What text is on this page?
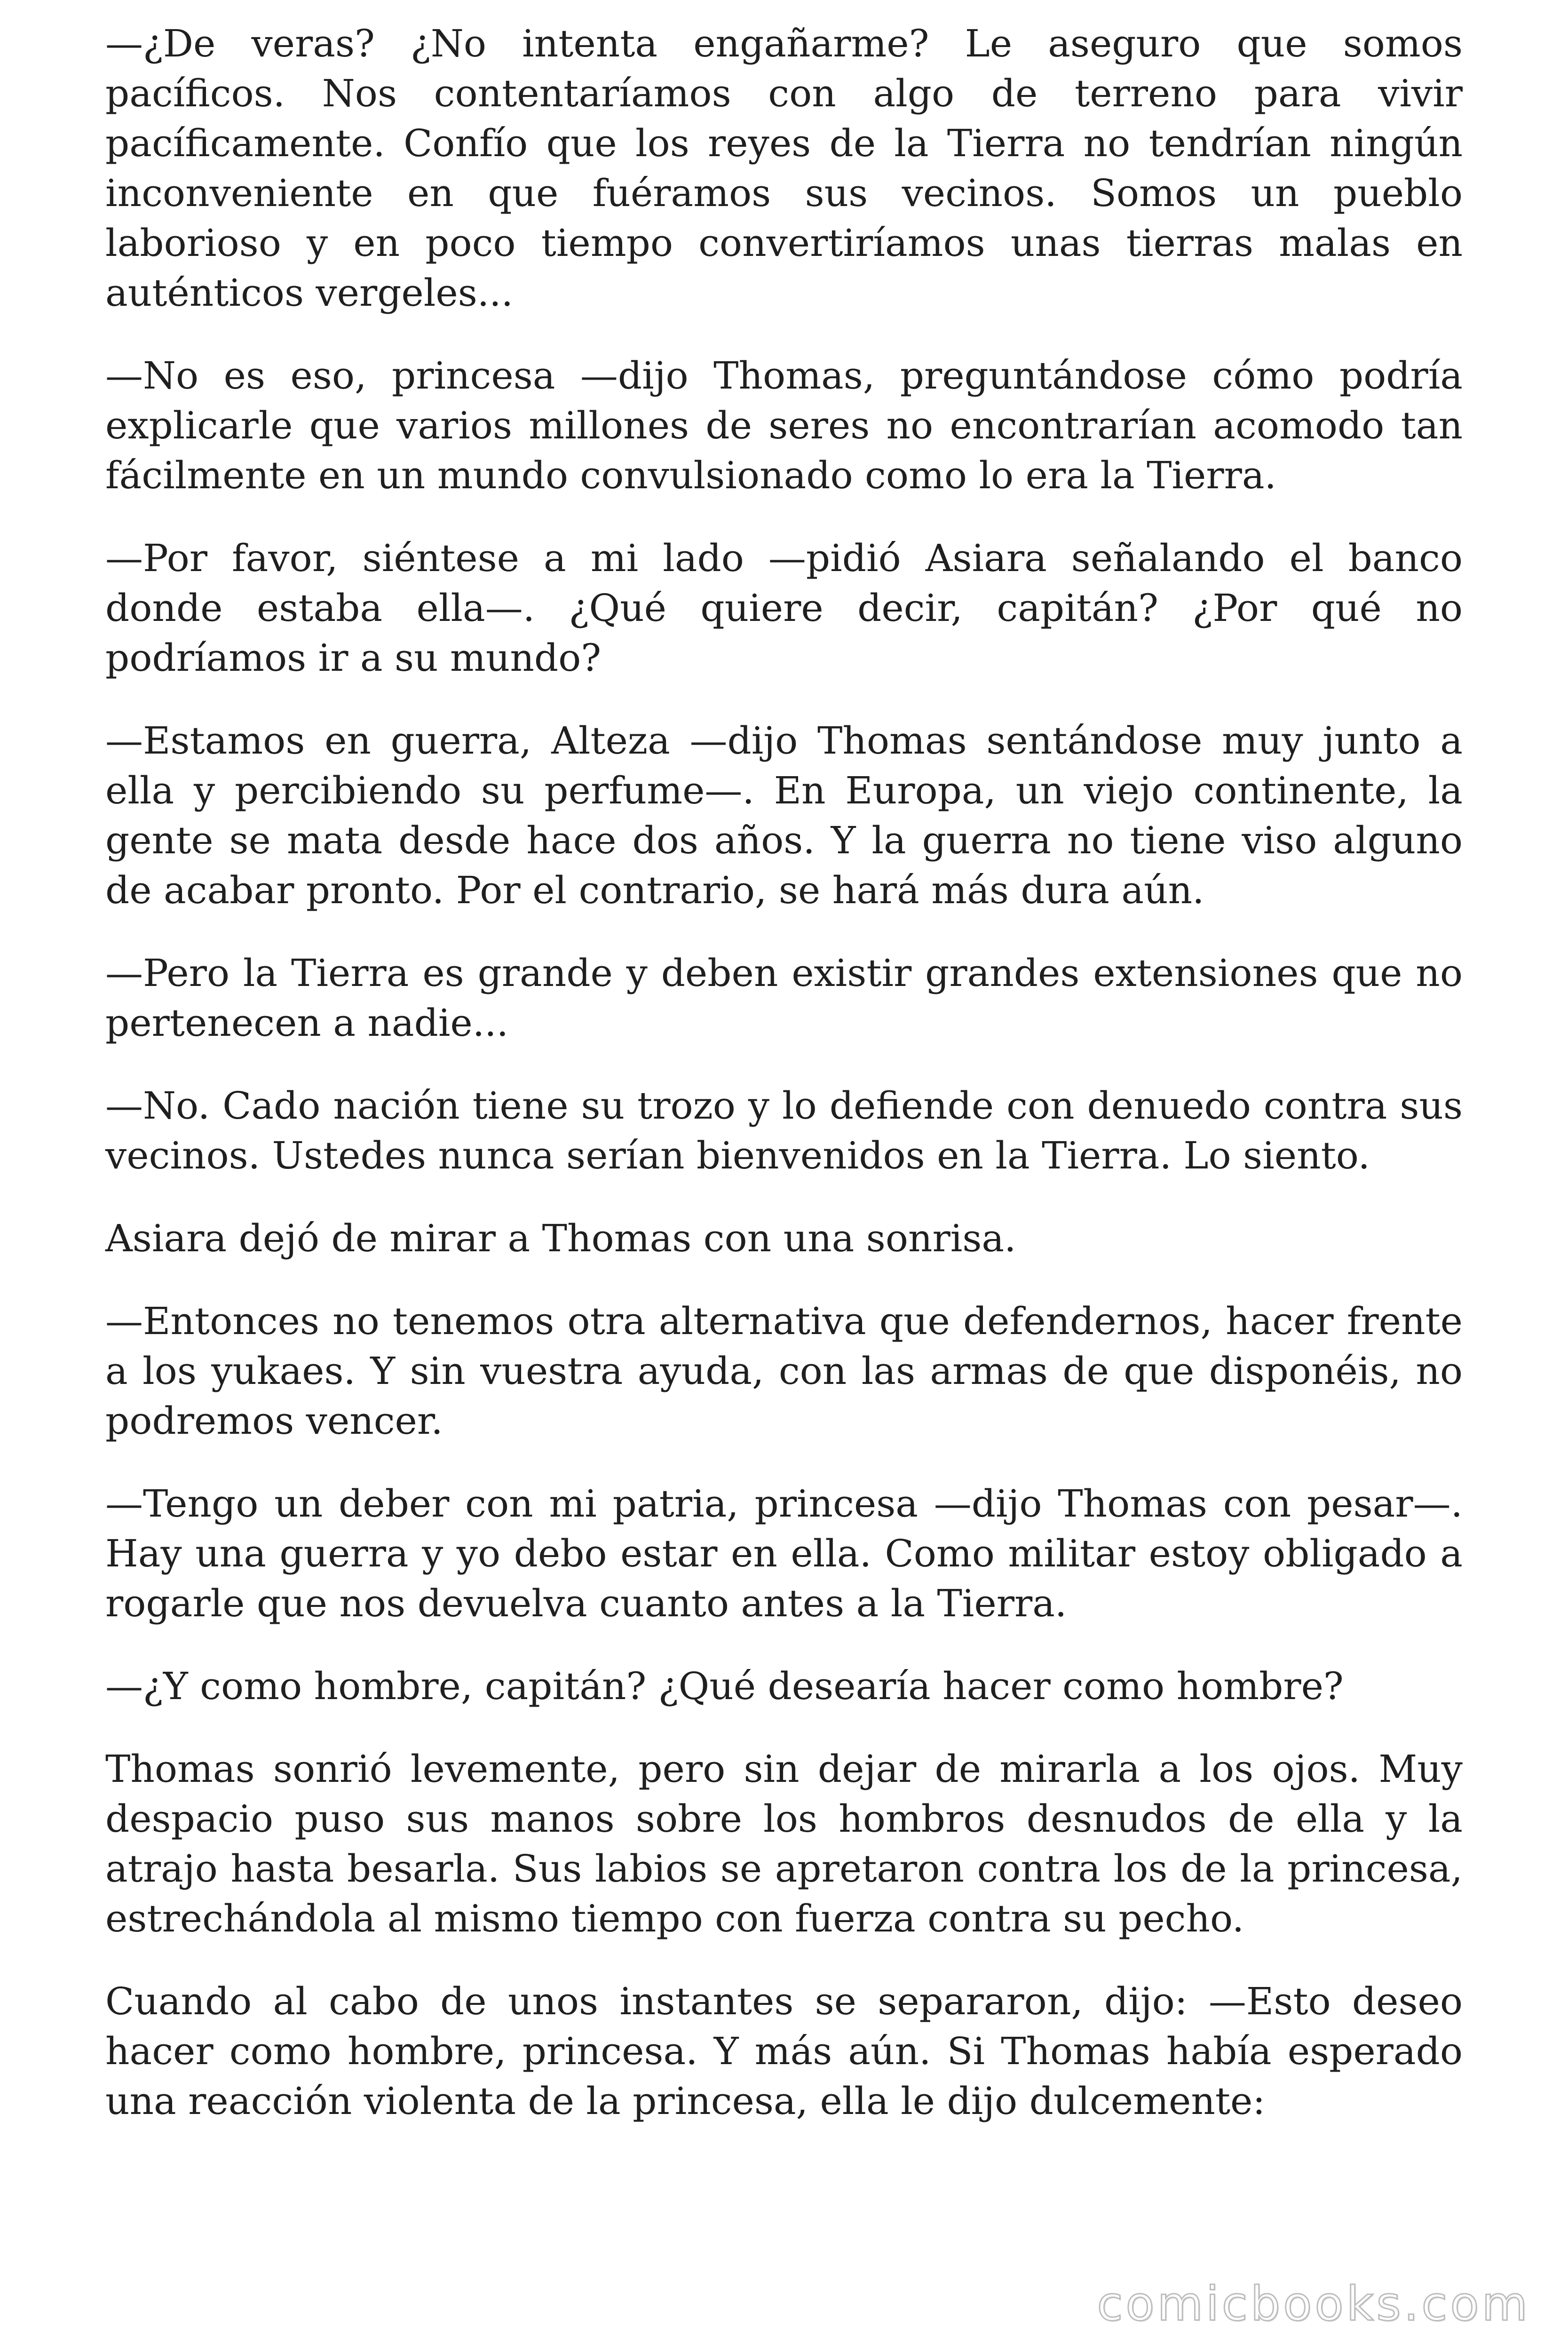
—¿De veras? ¿No intenta engañarme? Le aseguro que somos pacíficos. Nos contentaríamos con algo de terreno para vivir pacíficamente. Confío que los reyes de la Tierra no tendrían ningún inconveniente en que fuéramos sus vecinos. Somos un pueblo laborioso y en poco tiempo convertiríamos unas tierras malas en auténticos vergeles...

—No es eso, princesa —dijo Thomas, preguntándose cómo podría explicarle que varios millones de seres no encontrarían acomodo tan fácilmente en un mundo convulsionado como lo era la Tierra.

—Por favor, siéntese a mi lado —pidió Asiara señalando el banco donde estaba ella—. ¿Qué quiere decir, capitán? ¿Por qué no podríamos ir a su mundo?

—Estamos en guerra, Alteza —dijo Thomas sentándose muy junto a ella y percibiendo su perfume—. En Europa, un viejo continente, la gente se mata desde hace dos años. Y la guerra no tiene viso alguno de acabar pronto. Por el contrario, se hará más dura aún.

—Pero la Tierra es grande y deben existir grandes extensiones que no pertenecen a nadie...

—No. Cado nación tiene su trozo y lo defiende con denuedo contra sus vecinos. Ustedes nunca serían bienvenidos en la Tierra. Lo siento.

Asiara dejó de mirar a Thomas con una sonrisa.

—Entonces no tenemos otra alternativa que defendernos, hacer frente a los yukaes. Y sin vuestra ayuda, con las armas de que disponéis, no podremos vencer.

—Tengo un deber con mi patria, princesa —dijo Thomas con pesar—. Hay una guerra y yo debo estar en ella. Como militar estoy obligado a rogarle que nos devuelva cuanto antes a la Tierra.

—¿Y como hombre, capitán? ¿Qué desearía hacer como hombre?

Thomas sonrió levemente, pero sin dejar de mirarla a los ojos. Muy despacio puso sus manos sobre los hombros desnudos de ella y la atrajo hasta besarla. Sus labios se apretaron contra los de la princesa, estrechándola al mismo tiempo con fuerza contra su pecho.

Cuando al cabo de unos instantes se separaron, dijo: —Esto deseo hacer como hombre, princesa. Y más aún. Si Thomas había esperado una reacción violenta de la princesa, ella le dijo dulcemente:

comicbooks.com
